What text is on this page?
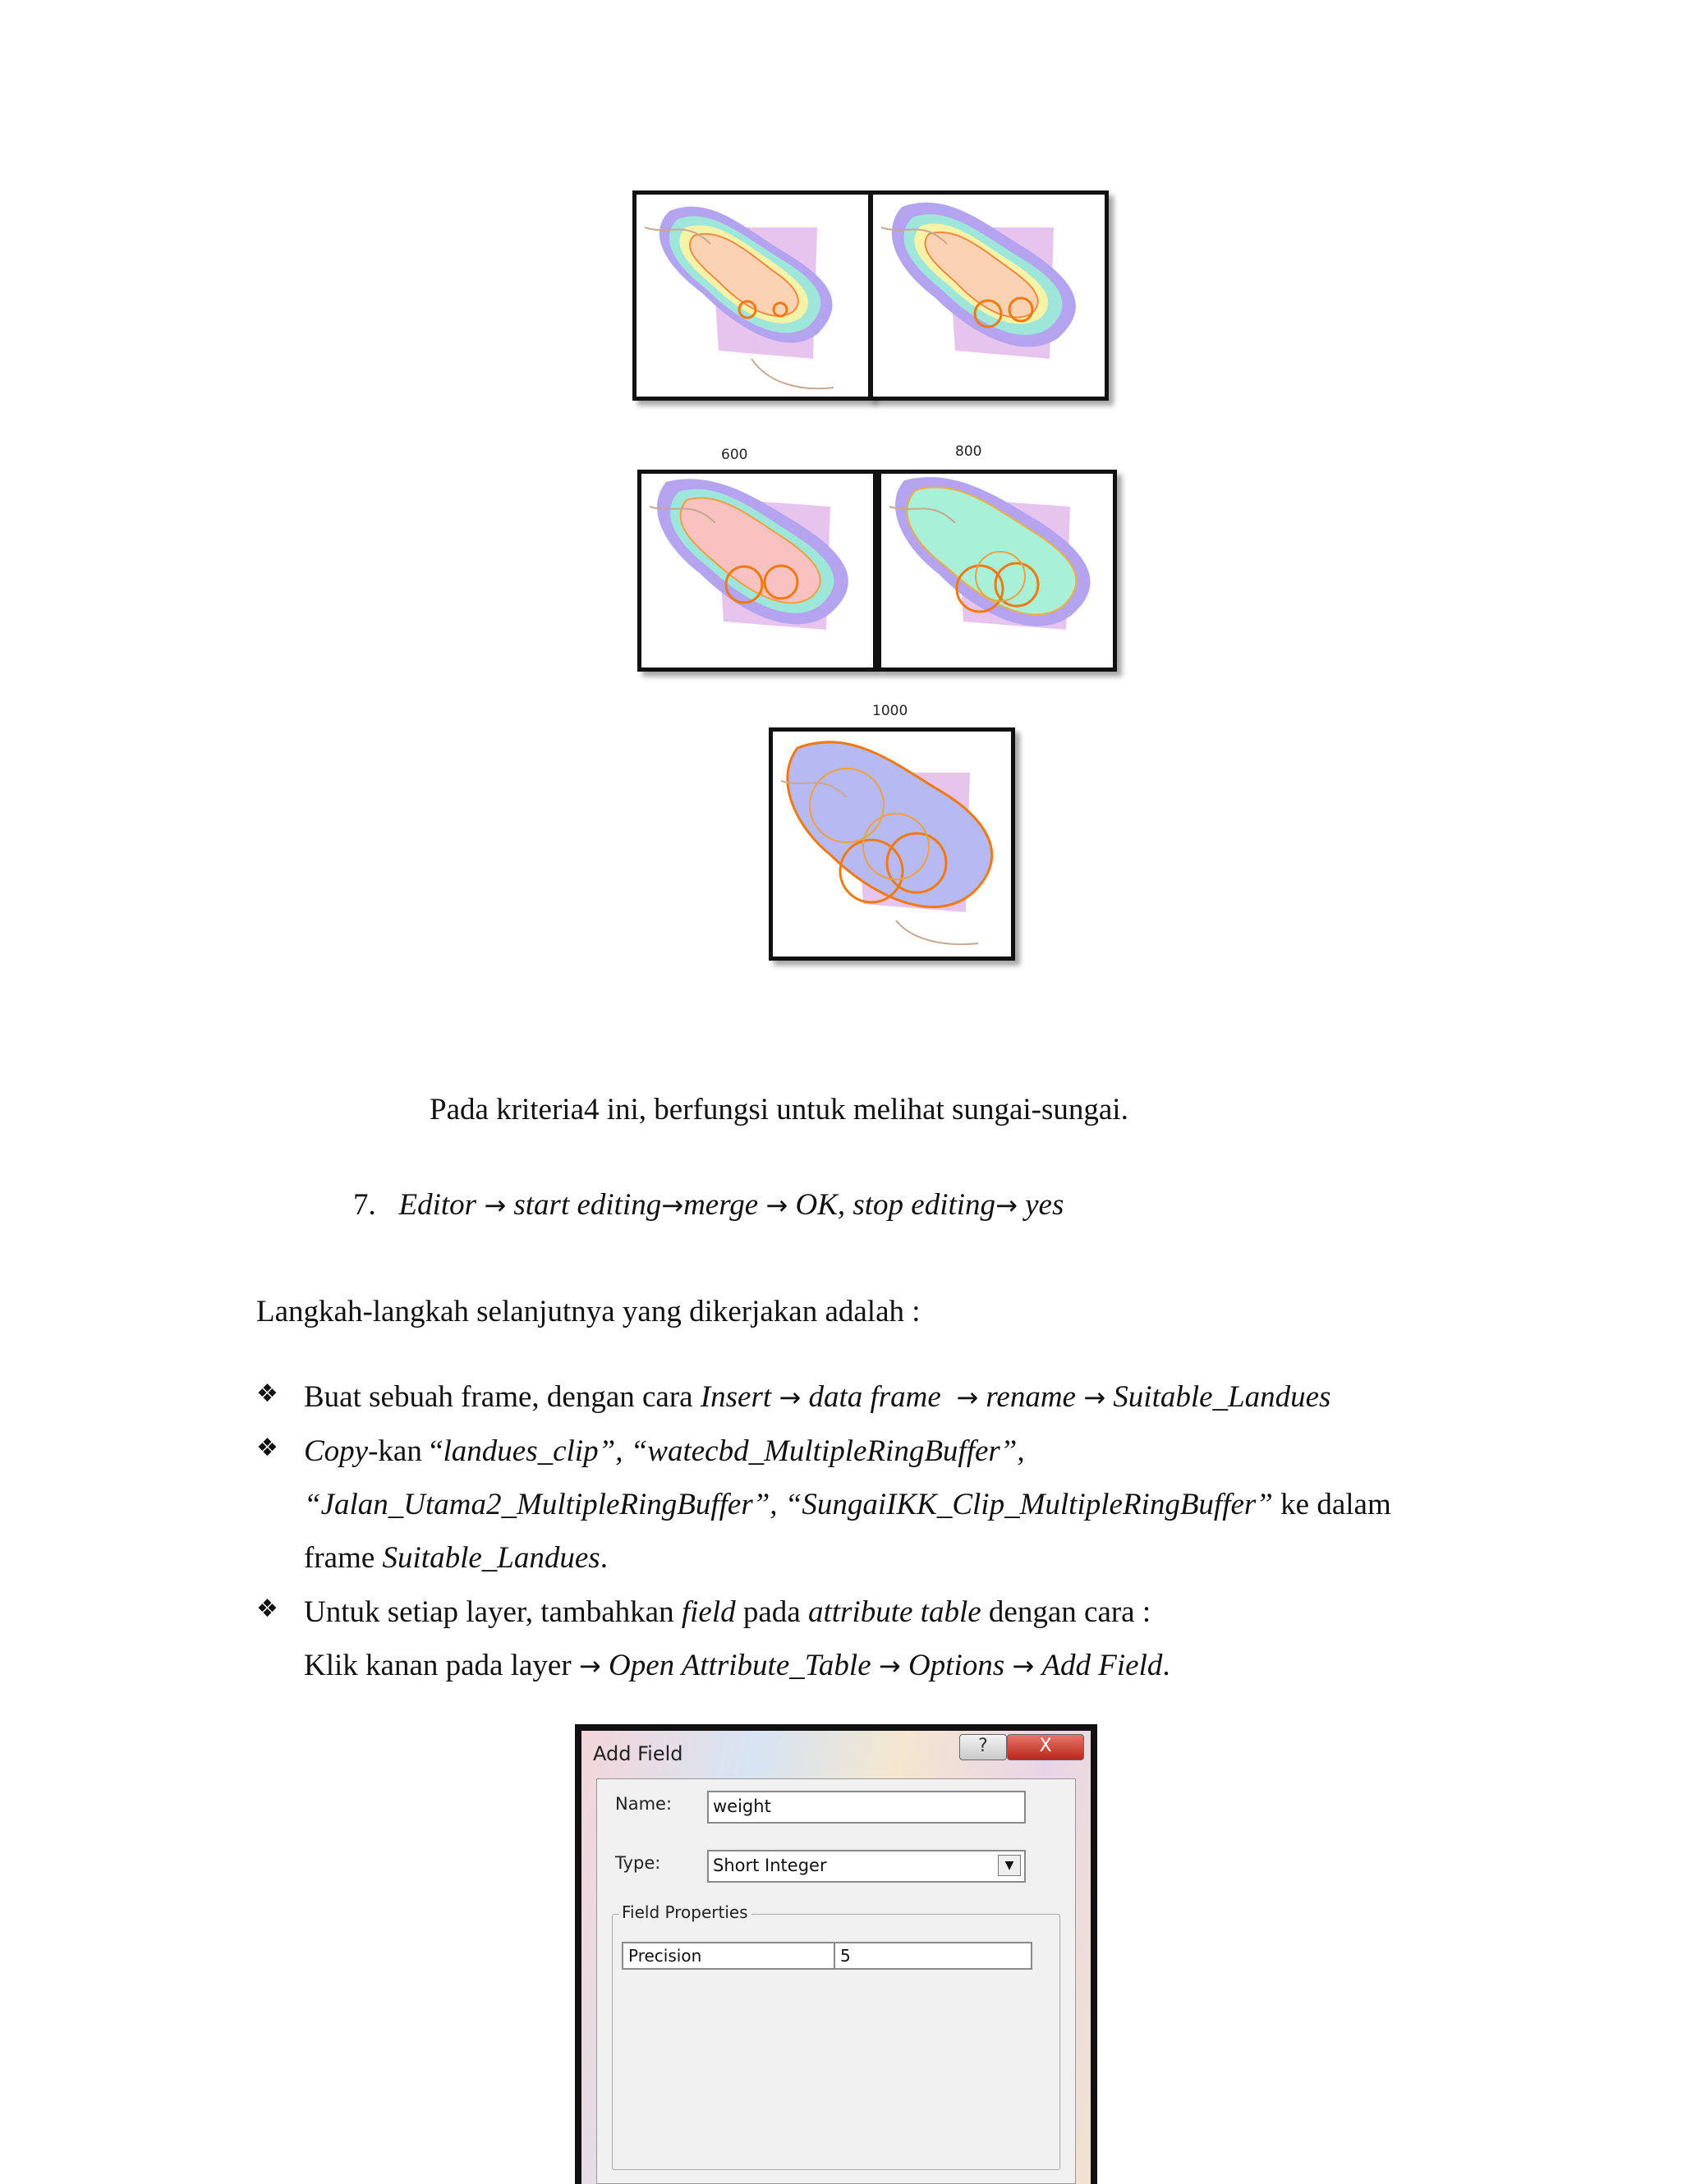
600	800
1000
Pada kriteria4 ini, berfungsi untuk melihat sungai-sungai.
7. Editor → start editing→merge → OK, stop editing→ yes
Langkah-langkah selanjutnya yang dikerjakan adalah :
❖ Buat sebuah frame, dengan cara Insert → data frame → rename → Suitable_Landues
❖ Copy-kan “landues_clip”, “watecbd_MultipleRingBuffer”,
“Jalan_Utama2_MultipleRingBuffer”, “SungaiIKK_Clip_MultipleRingBuffer” ke dalam
frame Suitable_Landues.
❖ Untuk setiap layer, tambahkan field pada attribute table dengan cara :
Klik kanan pada layer → Open Attribute_Table → Options → Add Field.
Add Field	?	X
Name:	weight
Type:	Short Integer	▼
Field Properties
Precision	5
